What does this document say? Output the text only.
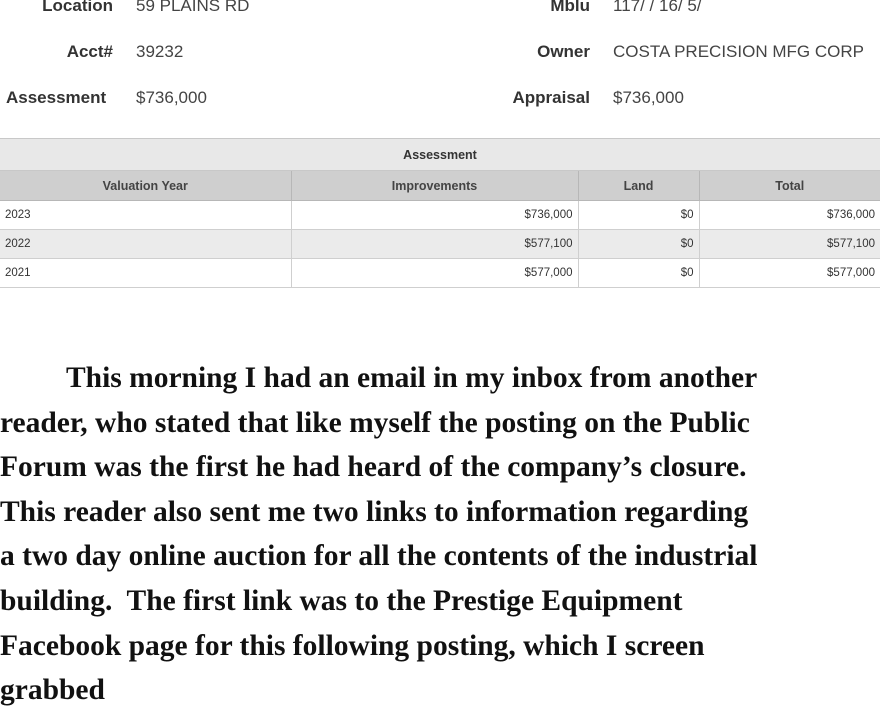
Location 59 PLAINS RD	Mblu 117/ / 16/ 5/
Acct# 39232	Owner COSTA PRECISION MFG CORP
Assessment $736,000	Appraisal $736,000
Assessment			
Valuation Year	Improvements	Land	Total
2023	$736,000	$0	$736,000
2022	$577,100	$0	$577,100
2021	$577,000	$0	$577,000

This morning I had an email in my inbox from another
reader, who stated that like myself the posting on the Public
Forum was the first he had heard of the company’s closure.
This reader also sent me two links to information regarding
a two day online auction for all the contents of the industrial
building.  The first link was to the Prestige Equipment
Facebook page for this following posting, which I screen
grabbed
